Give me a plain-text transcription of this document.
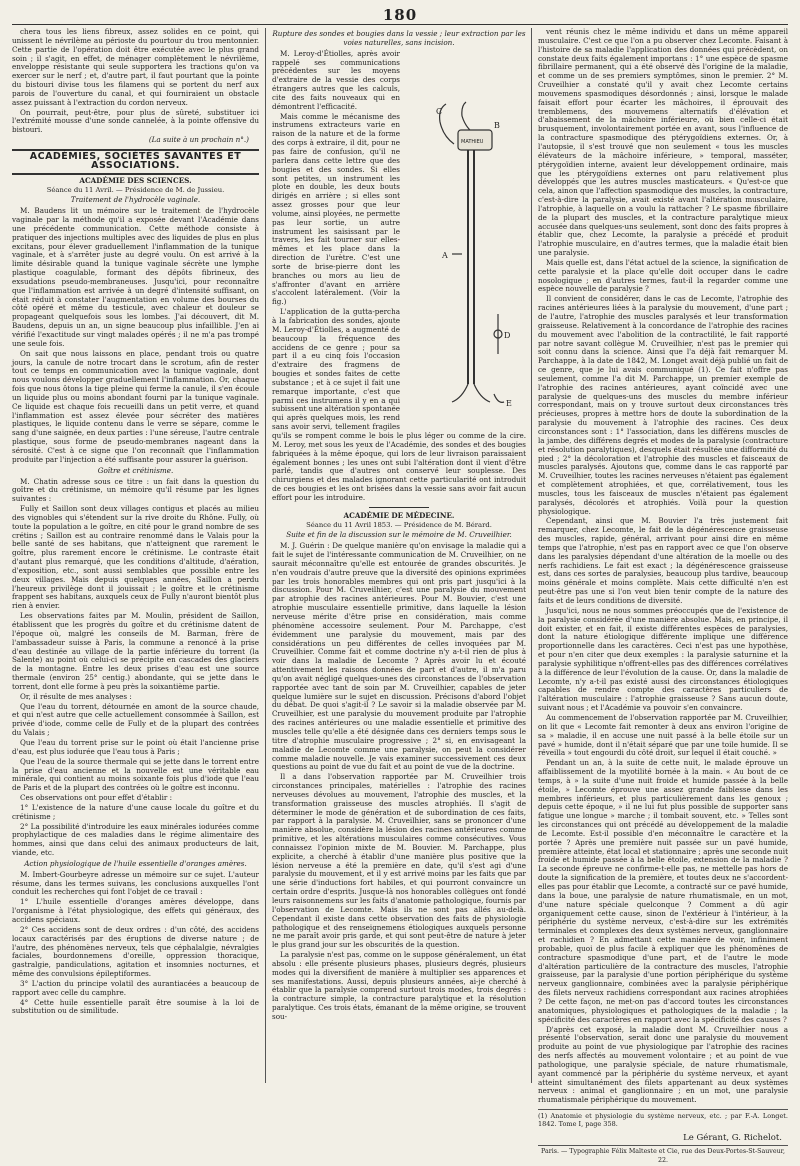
180

chera tous les liens fibreux, assez solides en ce point, qui unissent le névrilème au périoste du pourtour du trou mentonnier. Cette partie de l'opération doit être exécutée avec le plus grand soin ; il s'agit, en effet, de ménager complètement le névrilème, enveloppe résistante qui seule supportera les tractions qu'on va exercer sur le nerf ; et, d'autre part, il faut pourtant que la pointe du bistouri divise tous les filamens qui se portent du nerf aux parois de l'ouverture du canal, et qui fourniraient un obstacle assez puissant à l'extraction du cordon nerveux.

On pourrait, peut-être, pour plus de sûreté, substituer ici l'extrémité mousse d'une sonde cannelée, à la pointe offensive du bistouri.

(La suite à un prochain n°.)
ACADÉMIES, SOCIÉTÉS SAVANTES ET ASSOCIATIONS.
ACADÉMIE DES SCIENCES.
Séance du 11 Avril. — Présidence de M. de Jussieu.
Traitement de l'hydrocèle vaginale.

M. Baudens lit un mémoire sur le traitement de l'hydrocèle vaginale par la méthode qu'il a exposée devant l'Académie dans une précédente communication. Cette méthode consiste à pratiquer des injections multiples avec des liquides de plus en plus excitans, pour élever graduellement l'inflammation de la tunique vaginale, et à s'arrêter juste au degré voulu. On est arrivé à la limite désirable quand la tunique vaginale sécrète une lymphe plastique coagulable, formant des dépôts fibrineux, des exsudations pseudo-membraneuses. Jusqu'ici, pour reconnaître que l'inflammation est arrivée à un degré d'intensité suffisant, on était réduit à constater l'augmentation en volume des bourses du côté opéré et même du testicule, avec chaleur et douleur se propageant quelquefois sous les lombes. J'ai découvert, dit M. Baudens, depuis un an, un signe beaucoup plus infaillible. J'en ai vérifié l'exactitude sur vingt malades opérés ; il ne m'a pas trompé une seule fois.

On sait que nous laissons en place, pendant trois ou quatre jours, la canule de notre trocart dans le scrotum, afin de rester tout ce temps en communication avec la tunique vaginale, dont nous voulons développer graduellement l'inflammation. Or, chaque fois que nous ôtons la tige pleine qui ferme la canule, il s'en écoule un liquide plus ou moins abondant fourni par la tunique vaginale. Ce liquide est chaque fois recueilli dans un petit verre, et quand l'inflammation est assez élevée pour sécréter des matières plastiques, le liquide contenu dans le verre se sépare, comme le sang d'une saignée, en deux parties : l'une séreuse, l'autre centrale plastique, sous forme de pseudo-membranes nageant dans la sérosité. C'est à ce signe que l'on reconnaît que l'inflammation produite par l'injection a été suffisante pour assurer la guérison.

Goître et crétinisme.

M. Chatin adresse sous ce titre : un fait dans la question du goître et du crétinisme, un mémoire qu'il résume par les lignes suivantes :

Fully et Saillon sont deux villages contigus et placés au milieu des vignobles qui s'étendent sur la rive droite du Rhône. Fully, où toute la population a le goître, en cité pour le grand nombre de ses crétins ; Saillon est au contraire renommé dans le Valais pour la belle santé de ses habitans, que n'atteignent que rarement le goître, plus rarement encore le crétinisme. Le contraste était d'autant plus remarqué, que les conditions d'altitude, d'aération, d'exposition, etc., sont aussi semblables que possible entre les deux villages. Mais depuis quelques années, Saillon a perdu l'heureux privilège dont il jouissait ; le goître et le crétinisme frappent ses habitans, auxquels ceux de Fully n'auront bientôt plus rien à envier.

Les observations faites par M. Moulin, président de Saillon, établissent que les progrès du goître et du crétinisme datent de l'époque où, malgré les conseils de M. Barman, frère de l'ambassadeur suisse à Paris, la commune a renoncé à la prise d'eau destinée au village de la partie inférieure du torrent (la Salente) au point où celui-ci se précipite en cascades des glaciers de la montagne. Entre les deux prises d'eau est une source thermale (environ 25° centig.) abondante, qui se jette dans le torrent, dont elle forme à peu près la soixantième partie.

Or, il résulte de mes analyses :

Que l'eau du torrent, détournée en amont de la source chaude, et qui n'est autre que celle actuellement consommée à Saillon, est privée d'iode, comme celle de Fully et de la plupart des contrées du Valais ;

Que l'eau du torrent prise sur le point où était l'ancienne prise d'eau, est plus iodurée que l'eau tous à Paris ;

Que l'eau de la source thermale qui se jette dans le torrent entre la prise d'eau ancienne et la nouvelle est une véritable eau minérale, qui contient au moins soixante fois plus d'iode que l'eau de Paris et de la plupart des contrées où le goître est inconnu.

Ces observations ont pour effet d'établir :

1° L'existence de la nature d'une cause locale du goître et du crétinisme ;

2° La possibilité d'introduire les eaux minérales iodurées comme prophylactique de ces maladies dans le régime alimentaire des hommes, ainsi que dans celui des animaux producteurs de lait, viande, etc.

Action physiologique de l'huile essentielle d'oranges amères.

M. Imbert-Gourbeyre adresse un mémoire sur ce sujet. L'auteur résume, dans les termes suivans, les conclusions auxquelles l'ont conduit les recherches qui font l'objet de ce travail :

1° L'huile essentielle d'oranges amères développe, dans l'organisme à l'état physiologique, des effets qui généraux, des accidens spéciaux.

2° Ces accidens sont de deux ordres : d'un côté, des accidens locaux caractérisés par des éruptions de diverse nature ; de l'autre, des phénomènes nerveux, tels que céphalalgie, névralgies faciales, bourdonnemens d'oreille, oppression thoracique, gastralgie, pandiculations, agitation et insomnies nocturnes, et même des convulsions épileptiformes.

3° L'action du principe volatil des aurantiacées a beaucoup de rapport avec celle du camphre.

4° Cette huile essentielle paraît être soumise à la loi de substitution ou de similitude.

Rupture des sondes et bougies dans la vessie ; leur extraction par les voies naturelles, sans incision.
C
B
MATHIEU
A
D
E

M. Leroy-d'Étiolles, après avoir rappelé ses communications précédentes sur les moyens d'extraire de la vessie des corps étrangers autres que les calculs, cite des faits nouveaux qui en démontrent l'efficacité.

Mais comme le mécanisme des instrumens extracteurs varie en raison de la nature et de la forme des corps à extraire, il dit, pour ne pas faire de confusion, qu'il ne parlera dans cette lettre que des bougies et des sondes. Si elles sont petites, un instrument les plote en double, les deux bouts dirigés en arrière ; si elles sont assez grosses pour que leur volume, ainsi ployées, ne permette pas leur sortie, un autre instrument les saisissant par le travers, les fait tourner sur elles-mêmes et les place dans la direction de l'urètre. C'est une sorte de brise-pierre dont les branches ou mors au lieu de s'affronter d'avant en arrière s'accolent latéralement. (Voir la fig.)

L'application de la gutta-percha à la fabrication des sondes, ajoute M. Leroy-d'Étiolles, a augmenté de beaucoup la fréquence des accidens de ce genre ; pour sa part il a eu cinq fois l'occasion d'extraire des fragmens de bougies et sondes faites de cette substance ; et à ce sujet il fait une remarque importante, c'est que parmi ces instrumens il y en a qui subissent une altération spontanée qui après quelques mois, les rend sans avoir servi, tellement fragiles qu'ils se rompent comme le bois le plus léger ou comme de la cire. M. Leroy, met sous les yeux de l'Académie, des sondes et des bougies fabriquées à la même époque, qui lors de leur livraison paraissaient également bonnes ; les unes ont subi l'altération dont il vient d'être parlé, tandis que d'autres ont conservé leur souplesse. Des chirurgiens et des malades ignorant cette particularité ont introduit de ces bougies et les ont brisées dans la vessie sans avoir fait aucun effort pour les introduire.

ACADÉMIE DE MÉDECINE.
Séance du 11 Avril 1853. — Présidence de M. Bérard.
Suite et fin de la discussion sur le mémoire de M. Cruveilhier.

M. J. Guérin : De quelque manière qu'on envisage la maladie qui a fait le sujet de l'intéressante communication de M. Cruveilhier, on ne saurait méconnaître qu'elle est entourée de grandes obscurités. Je n'en voudrais d'autre preuve que la diversité des opinions exprimées par les trois honorables membres qui ont pris part jusqu'ici à la discussion. Pour M. Cruveilhier, c'est une paralysie du mouvement par atrophie des racines antérieures. Pour M. Bouvier, c'est une atrophie musculaire essentielle primitive, dans laquelle la lésion nerveuse mérite d'être prise en considération, mais comme phénomène accessoire seulement. Pour M. Parchappe, c'est évidemment une paralysie du mouvement, mais par des considérations un peu différentes de celles invoquées par M. Cruveilhier. Comme fait et comme doctrine n'y a-t-il rien de plus à voir dans la maladie de Lecomte ? Après avoir lu et écouté attentivement les raisons données de part et d'autre, il m'a paru qu'on avait négligé quelques-unes des circonstances de l'observation rapportée avec tant de soin par M. Cruveilhier, capables de jeter quelque lumière sur le sujet en discussion. Précisons d'abord l'objet du débat. De quoi s'agit-il ? Le savoir si la maladie observée par M. Cruveilhier, est une paralysie du mouvement produite par l'atrophie des racines antérieures ou une maladie essentielle et primitive des muscles telle qu'elle a été désignée dans ces derniers temps sous le titre d'atrophie musculaire progressive ; 2° si, en envisageant la maladie de Lecomte comme une paralysie, on peut la considérer comme maladie nouvelle. Je vais examiner successivement ces deux questions au point de vue du fait et au point de vue de la doctrine.

Il a dans l'observation rapportée par M. Cruveilhier trois circonstances principales, matérielles : l'atrophie des racines nerveuses dévolues au mouvement, l'atrophie des muscles, et la transformation graisseuse des muscles atrophiés. Il s'agit de déterminer le mode de génération et de subordination de ces faits, par rapport à la paralysie. M. Cruveilhier, sans se prononcer d'une manière absolue, considère la lésion des racines antérieures comme primitive, et les altérations musculaires comme consécutives. Vous connaissez l'opinion mixte de M. Bouvier. M. Parchappe, plus explicite, a cherché à établir d'une manière plus positive que la lésion nerveuse a été la première en date, qu'il s'est agi d'une paralysie du mouvement, et il y est arrivé moins par les faits que par une série d'inductions fort habiles, et qui pourront convaincre un certain ordre d'esprits. Jusque-là nos honorables collègues ont fondé leurs raisonnemens sur les faits d'anatomie pathologique, fournis par l'observation de Lecomte. Mais ils ne sont pas allés au-delà. Cependant il existe dans cette observation des faits de physiologie pathologique et des renseignemens étiologiques auxquels personne ne me paraît avoir pris garde, et qui sont peut-être de nature à jeter le plus grand jour sur les obscurités de la question.

La paralysie n'est pas, comme on le suppose généralement, un état absolu : elle présente plusieurs phases, plusieurs degrés, plusieurs modes qui la diversifient de manière à multiplier ses apparences et ses manifestations. Aussi, depuis plusieurs années, ai-je cherché à établir que la paralysie comprend surtout trois modes, trois degrés : la contracture simple, la contracture paralytique et la résolution paralytique. Ces trois états, émanant de la même origine, se trouvent sou-

vent réunis chez le même individu et dans un même appareil musculaire. C'est ce que l'on a pu observer chez Lecomte. Faisant à l'histoire de sa maladie l'application des données qui précèdent, on constate deux faits également importans : 1° une espèce de spasme fibrillaire permanent, qui a été observé dès l'origine de la maladie, et comme un de ses premiers symptômes, sinon le premier. 2° M. Cruveilhier a constaté qu'il y avait chez Lecomte certains mouvemens spasmodiques désordonnés ; ainsi, lorsque le malade faisait effort pour écarter les mâchoires, il éprouvait des tremblemens, des mouvemens alternatifs d'élévation et d'abaissement de la mâchoire inférieure, où bien celle-ci était brusquement, involontairement portée en avant, sous l'influence de la contracture spasmodique des ptérygoïdiens externes. Or, à l'autopsie, il s'est trouvé que non seulement « tous les muscles élévateurs de la mâchoire inférieure, » temporal, masséter, ptérygoïdien interne, avaient leur développement ordinaire, mais que les ptérygoïdiens externes ont paru relativement plus développés que les autres muscles masticateurs. « Qu'est-ce que cela, ainon que l'affection spasmodique des muscles, la contracture, c'est-à-dire la paralysie, avait existé avant l'altération musculaire, l'atrophie, à laquelle on a voulu la rattacher ? Le spasme fibrillaire de la plupart des muscles, et la contracture paralytique mieux accusée dans quelques-uns seulement, sont donc des faits propres à établir que, chez Lecomte, la paralysie a précédé et produit l'atrophie musculaire, en d'autres termes, que la maladie était bien une paralysie.

Mais quelle est, dans l'état actuel de la science, la signification de cette paralysie et la place qu'elle doit occuper dans le cadre nosologique ; en d'autres termes, faut-il la regarder comme une espèce nouvelle de paralysie ?

Il convient de considérer, dans le cas de Lecomte, l'atrophie des racines antérieures liées à la paralysie du mouvement, d'une part ; de l'autre, l'atrophie des muscles paralysés et leur transformation graisseuse. Relativement à la concordance de l'atrophie des racines du mouvement avec l'abolition de la contractilité, le fait rapporté par notre savant collègue M. Cruveilhier, n'est pas le premier qui soit connu dans la science. Ainsi que l'a déjà fait remarquer M. Parchappe, à la date de 1842, M. Longet avait déjà publié un fait de ce genre, que je lui avais communiqué (1). Ce fait n'offre pas seulement, comme l'a dit M. Parchappe, un premier exemple de l'atrophie des racines antérieures, ayant coïncidé avec une paralysie de quelques-uns des muscles du membre inférieur correspondant, mais on y trouve surtout deux circonstances très précieuses, propres à mettre hors de doute la subordination de la paralysie du mouvement à l'atrophie des racines. Ces deux circonstances sont : 1° l'association, dans les différens muscles de la jambe, des différens degrés et modes de la paralysie (contracture et résolution paralytiques), desquels était résultée une difformité du pied ; 2° la décoloration et l'atrophie des muscles et faisceaux de muscles paralysés. Ajoutons que, comme dans le cas rapporté par M. Cruveilhier, toutes les racines nerveuses n'étaient pas également et complètement atrophiées, et que, corrélativement, tous les muscles, tous les faisceaux de muscles n'étaient pas également paralysés, décolorés et atrophiés. Voilà pour la question physiologique.

Cependant, ainsi que M. Bouvier l'a très justement fait remarquer, chez Lecomte, le fait de la dégénérescence graisseuse des muscles, rapide, général, arrivant pour ainsi dire en même temps que l'atrophie, n'est pas en rapport avec ce que l'on observe dans les paralysies dépendant d'une altération de la moelle ou des nerfs rachidiens. Le fait est exact ; la dégénérescence graisseuse est, dans ces sortes de paralysies, beaucoup plus tardive, beaucoup moins générale et moins complète. Mais cette difficulté n'en est peut-être pas une si l'on veut bien tenir compte de la nature des faits et de leurs conditions de diversité.

Jusqu'ici, nous ne nous sommes préoccupés que de l'existence de la paralysie considérée d'une manière absolue. Mais, en principe, il doit exister, et en fait, il existe différentes espèces de paralysies, dont la nature étiologique différente implique une différence proportionnelle dans les caractères. Ceci n'est pas une hypothèse, et pour n'en citer que deux exemples : la paralysie saturnine et la paralysie syphilitique n'offrent-elles pas des différences corrélatives à la différence de leur l'évolution de la cause. Or, dans la maladie de Lecomte, n'y a-t-il pas existé aussi des circonstances étiologiques capables de rendre compte des caractères particuliers de l'altération musculaire : l'atrophie graisseuse ? Sans aucun doute, suivant nous ; et l'Académie va pouvoir s'en convaincre.

Au commencement de l'observation rapportée par M. Cruveilhier, on lit que « Lecomte fait remonter à deux ans environ l'origine de sa » maladie, il en accuse une nuit passé à la belle étoile sur un pavé » humide, dont il n'était séparé que par une toile humide. Il se réveilla » tout engourdi du côté droit, sur lequel il était couché. »

Pendant un an, à la suite de cette nuit, le malade éprouve un affaiblissement de la myotilité bornée à la main. « Au bout de ce temps, à » la suite d'une nuit froide et humide passée à la belle étoile, » Lecomte éprouve une assez grande faiblesse dans les membres inférieurs, et plus particulièrement dans les genoux ; depuis cette époque, » il ne lui fut plus possible de supporter sans fatigue une longue » marche ; il tombait souvent, etc. » Telles sont les circonstances qui ont précédé au développement de la maladie de Lecomte. Est-il possible d'en méconnaître le caractère et la portée ? Après une première nuit passée sur un pavé humide, première atteinte, état local et stationnaire ; après une seconde nuit froide et humide passée à la belle étoile, extension de la maladie ? La seconde épreuve ne confirme-t-elle pas, ne mettelle pas hors de doute la signification de la première, et toutes deux ne s'accordent-elles pas pour établir que Lecomte, a contracté sur ce pavé humide, dans la boue, une paralysie de nature rhumatismale, en un mot, d'une nature spéciale quelconque ? Comment a dû agir organiquement cette cause, sinon de l'extérieur à l'intérieur, à la périphérie du système nerveux, c'est-à-dire sur les extrémités terminales et complexes des deux systèmes nerveux, ganglionnaire et rachidien ? En admettant cette manière de voir, infiniment probable, quoi de plus facile à expliquer que les phénomènes de contracture spasmodique d'une part, et de l'autre le mode d'altération particulière de la contracture des muscles, l'atrophie graisseuse, par la paralysie d'une portion périphérique du système nerveux ganglionnaire, combinées avec la paralysie périphérique des filets nerveux rachidiens correspondant aux racines atrophiées ? De cette façon, ne met-on pas d'accord toutes les circonstances anatomiques, physiologiques et pathologiques de la maladie ; la spécificité des caractères en rapport avec la spécificité des causes ?

D'après cet exposé, la maladie dont M. Cruveilhier nous a présenté l'observation, serait donc une paralysie du mouvement produite au point de vue physiologique par l'atrophie des racines des nerfs affectés au mouvement volontaire ; et au point de vue pathologique, une paralysie spéciale, de nature rhumatismale, ayant commencé par la périphérie du système nerveux, et ayant atteint simultanément des filets appartenant au deux systèmes nerveux : animal et ganglionnaire ; en un mot, une paralysie rhumatismale périphérique du mouvement.

(1) Anatomie et physiologie du système nerveux, etc. ; par F.-A. Longet. 1842. Tome I, page 358.
Le Gérant, G. Richelot.
Paris. — Typographie Félix Malteste et Cie, rue des Deux-Portes-St-Sauveur, 22.
